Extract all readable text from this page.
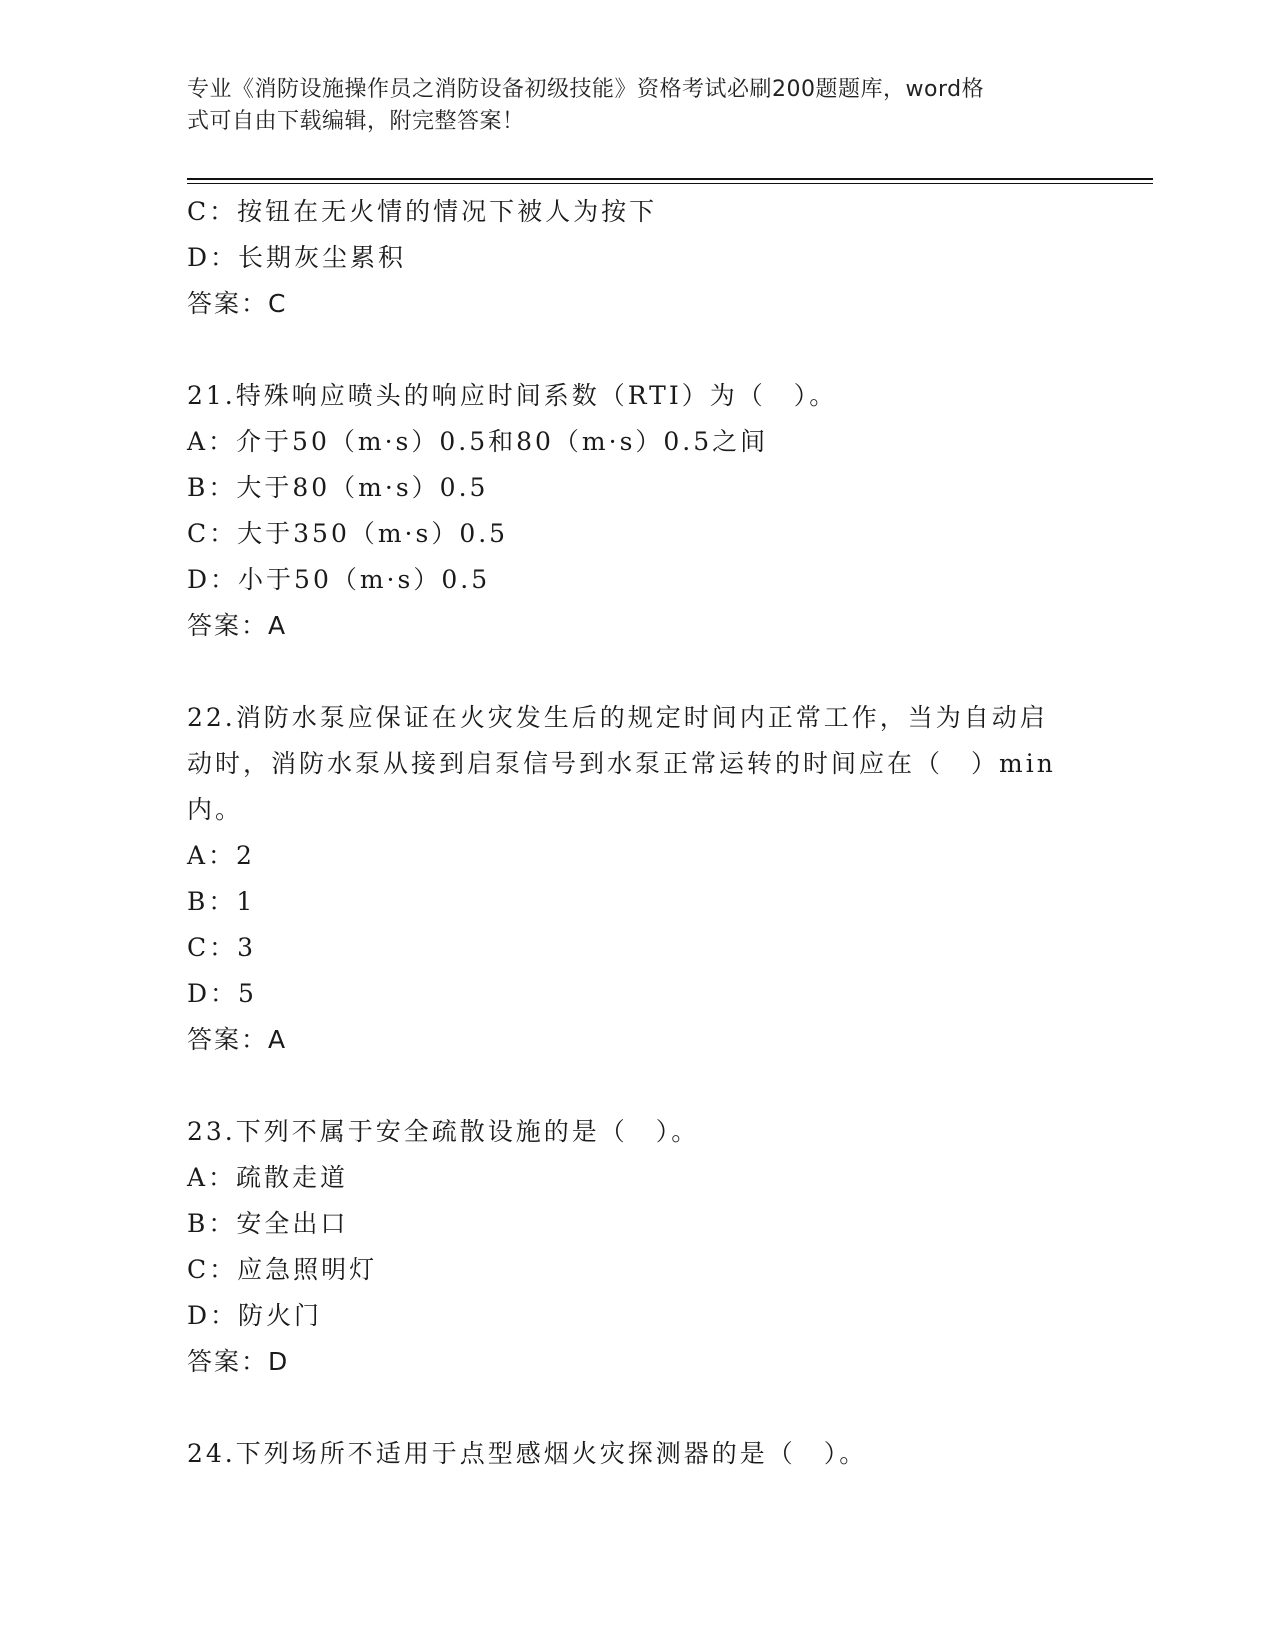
专业《消防设施操作员之消防设备初级技能》资格考试必刷200题题库，word格
式可自由下载编辑，附完整答案！
C：按钮在无火情的情况下被人为按下
D：长期灰尘累积
答案：C
21.特殊响应喷头的响应时间系数（RTI）为（　）。
A：介于50（m·s）0.5和80（m·s）0.5之间
B：大于80（m·s）0.5
C：大于350（m·s）0.5
D：小于50（m·s）0.5
答案：A
22.消防水泵应保证在火灾发生后的规定时间内正常工作，当为自动启
动时，消防水泵从接到启泵信号到水泵正常运转的时间应在（　）min
内。
A：2
B：1
C：3
D：5
答案：A
23.下列不属于安全疏散设施的是（　）。
A：疏散走道
B：安全出口
C：应急照明灯
D：防火门
答案：D
24.下列场所不适用于点型感烟火灾探测器的是（　）。
